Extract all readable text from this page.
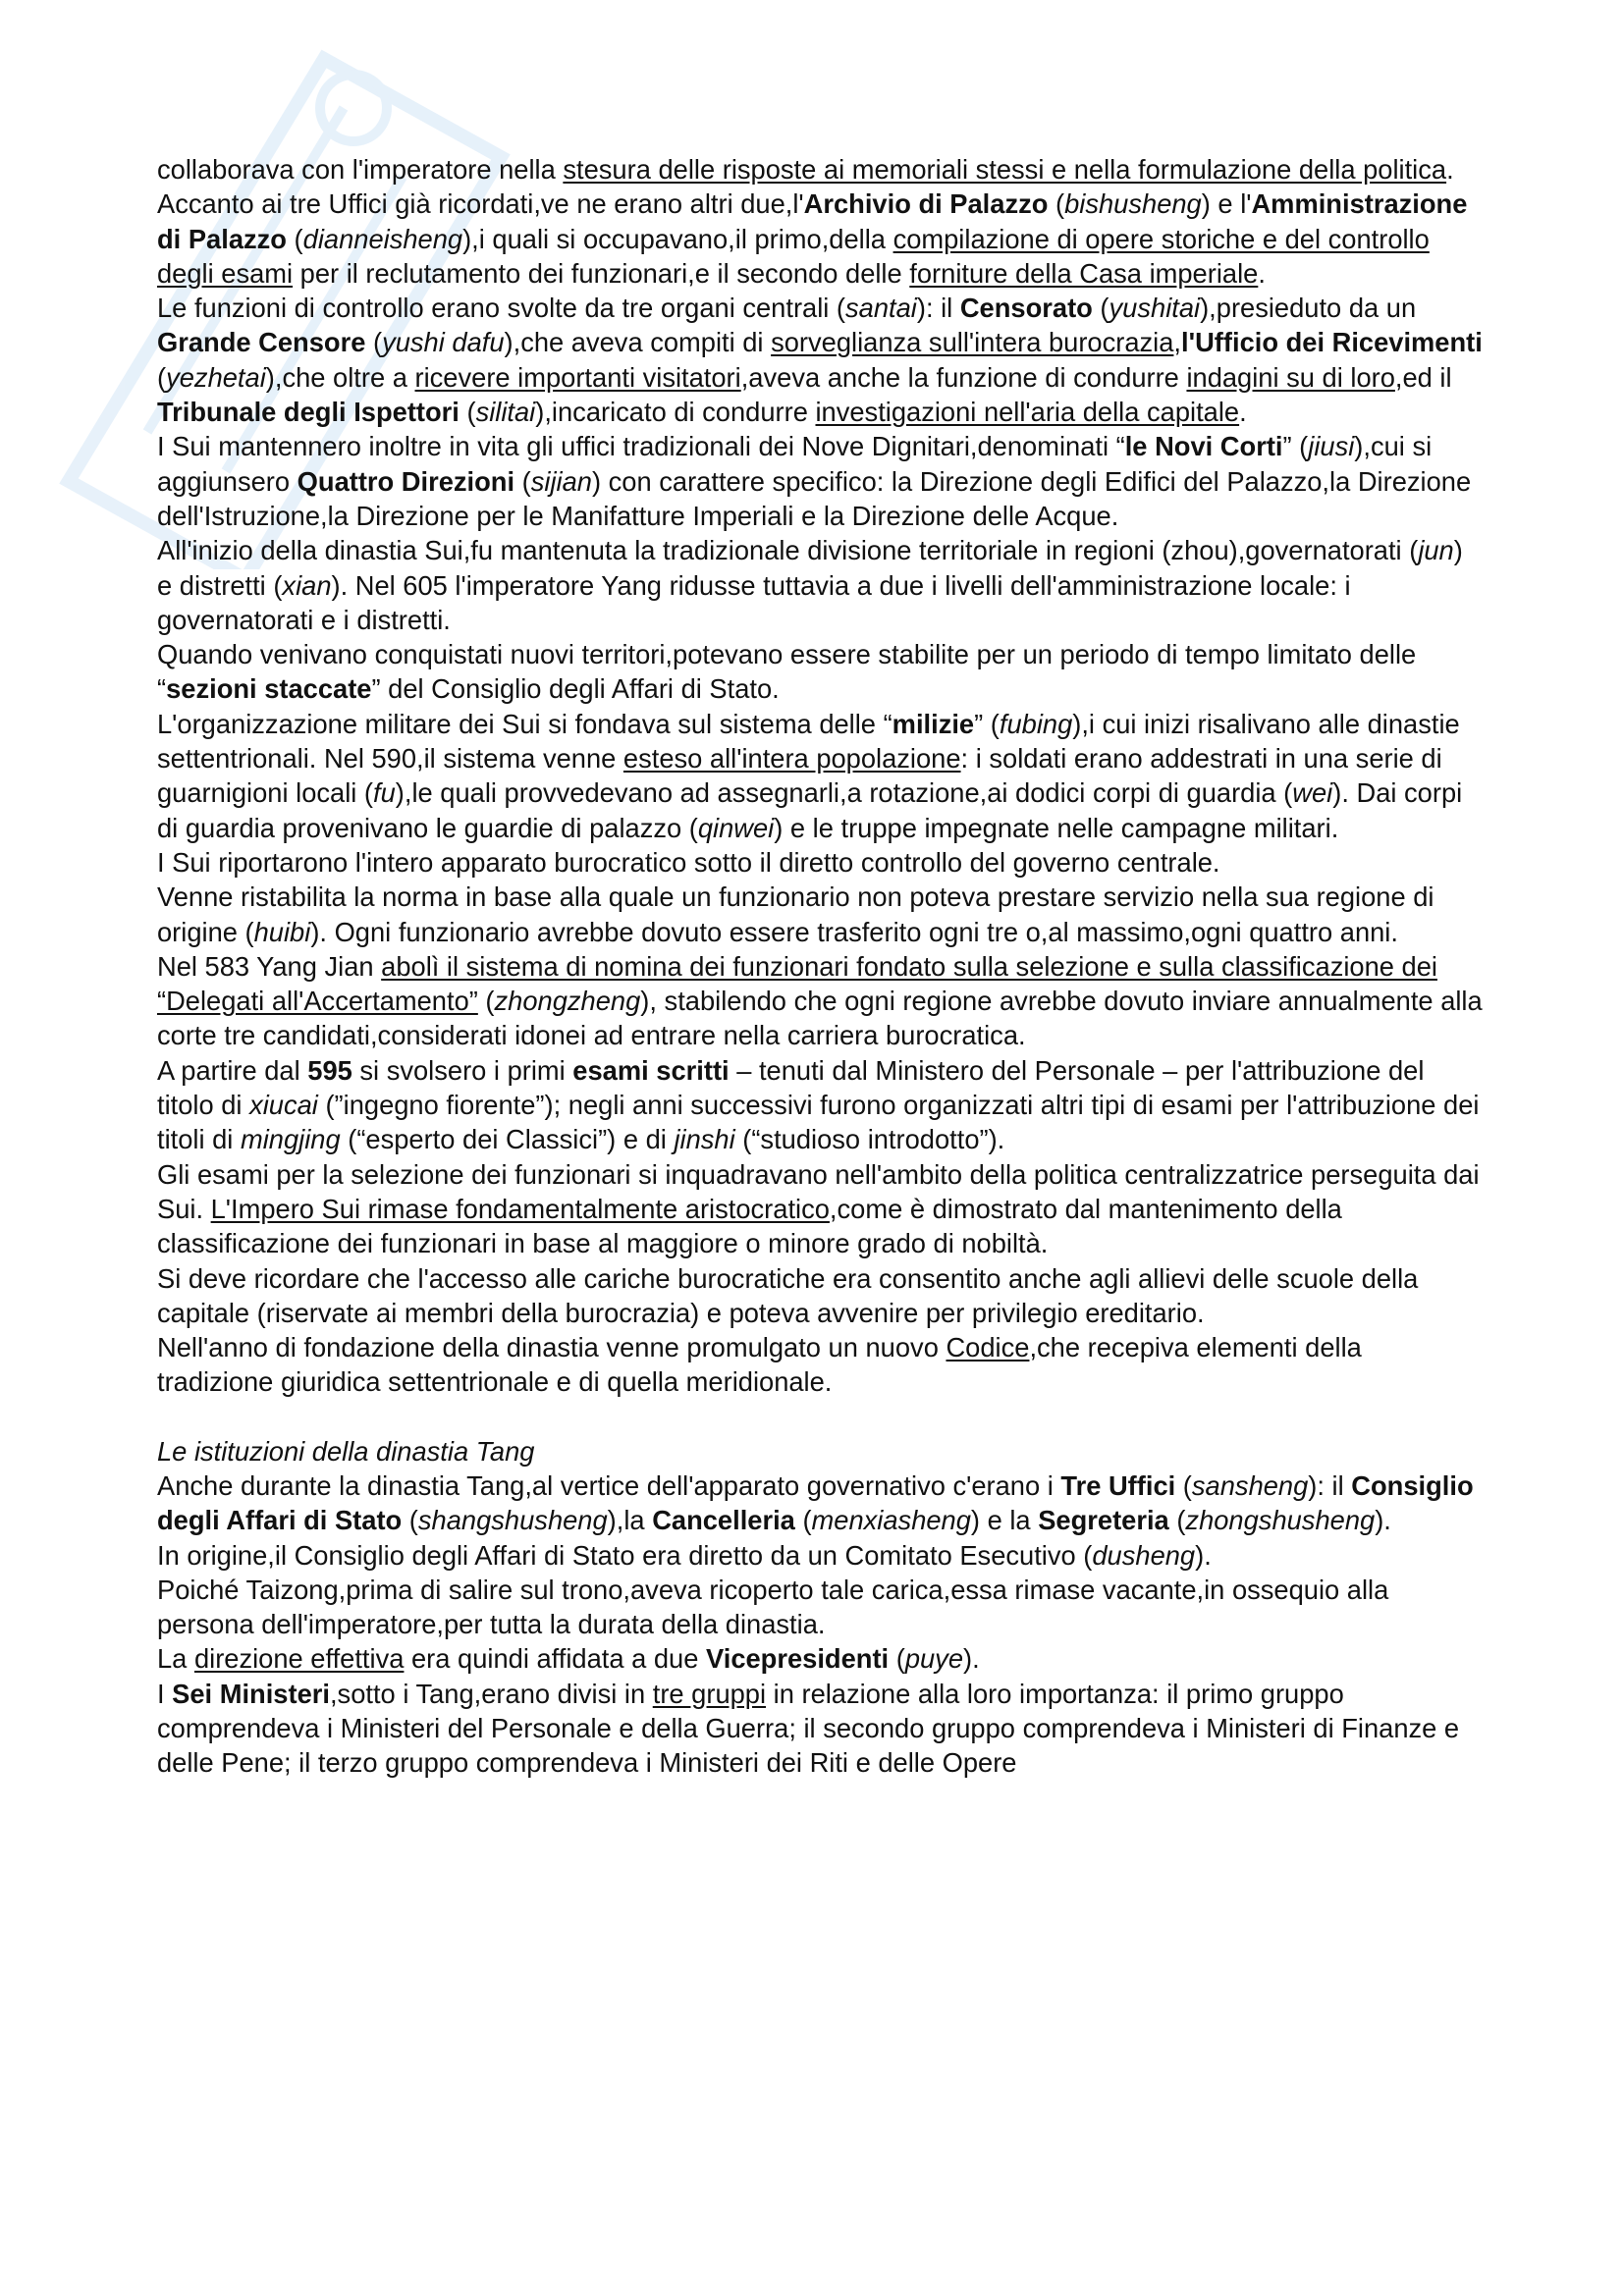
collaborava con l'imperatore nella stesura delle risposte ai memoriali stessi e nella formulazione della politica.

Accanto ai tre Uffici già ricordati,ve ne erano altri due,l'Archivio di Palazzo (bishusheng) e l'Amministrazione di Palazzo (dianneisheng),i quali si occupavano,il primo,della compilazione di opere storiche e del controllo degli esami per il reclutamento dei funzionari,e il secondo delle forniture della Casa imperiale.

Le funzioni di controllo erano svolte da tre organi centrali (santai): il Censorato (yushitai),presieduto da un Grande Censore (yushi dafu),che aveva compiti di sorveglianza sull'intera burocrazia,l'Ufficio dei Ricevimenti (yezhetai),che oltre a ricevere importanti visitatori,aveva anche la funzione di condurre indagini su di loro,ed il Tribunale degli Ispettori (silitai),incaricato di condurre investigazioni nell'aria della capitale.

I Sui mantennero inoltre in vita gli uffici tradizionali dei Nove Dignitari,denominati “le Novi Corti” (jiusi),cui si aggiunsero Quattro Direzioni (sijian) con carattere specifico: la Direzione degli Edifici del Palazzo,la Direzione dell'Istruzione,la Direzione per le Manifatture Imperiali e la Direzione delle Acque.

All'inizio della dinastia Sui,fu mantenuta la tradizionale divisione territoriale in regioni (zhou),governatorati (jun) e distretti (xian). Nel 605 l'imperatore Yang ridusse tuttavia a due i livelli dell'amministrazione locale: i governatorati e i distretti.

Quando venivano conquistati nuovi territori,potevano essere stabilite per un periodo di tempo limitato delle “sezioni staccate” del Consiglio degli Affari di Stato.

L'organizzazione militare dei Sui si fondava sul sistema delle “milizie” (fubing),i cui inizi risalivano alle dinastie settentrionali. Nel 590,il sistema venne esteso all'intera popolazione: i soldati erano addestrati in una serie di guarnigioni locali (fu),le quali provvedevano ad assegnarli,a rotazione,ai dodici corpi di guardia (wei). Dai corpi di guardia provenivano le guardie di palazzo (qinwei) e le truppe impegnate nelle campagne militari.

I Sui riportarono l'intero apparato burocratico sotto il diretto controllo del governo centrale.

Venne ristabilita la norma in base alla quale un funzionario non poteva prestare servizio nella sua regione di origine (huibi). Ogni funzionario avrebbe dovuto essere trasferito ogni tre o,al massimo,ogni quattro anni.

Nel 583 Yang Jian abolì il sistema di nomina dei funzionari fondato sulla selezione e sulla classificazione dei “Delegati all'Accertamento” (zhongzheng), stabilendo che ogni regione avrebbe dovuto inviare annualmente alla corte tre candidati,considerati idonei ad entrare nella carriera burocratica.

A partire dal 595 si svolsero i primi esami scritti – tenuti dal Ministero del Personale – per l'attribuzione del titolo di xiucai (”ingegno fiorente”); negli anni successivi furono organizzati altri tipi di esami per l'attribuzione dei titoli di mingjing (“esperto dei Classici”) e di jinshi (“studioso introdotto”).

Gli esami per la selezione dei funzionari si inquadravano nell'ambito della politica centralizzatrice perseguita dai Sui. L'Impero Sui rimase fondamentalmente aristocratico,come è dimostrato dal mantenimento della classificazione dei funzionari in base al maggiore o minore grado di nobiltà.

Si deve ricordare che l'accesso alle cariche burocratiche era consentito anche agli allievi delle scuole della capitale (riservate ai membri della burocrazia) e poteva avvenire per privilegio ereditario.

Nell'anno di fondazione della dinastia venne promulgato un nuovo Codice,che recepiva elementi della tradizione giuridica settentrionale e di quella meridionale.

Le istituzioni della dinastia Tang

Anche durante la dinastia Tang,al vertice dell'apparato governativo c'erano i Tre Uffici (sansheng): il Consiglio degli Affari di Stato (shangshusheng),la Cancelleria (menxiasheng) e la Segreteria (zhongshusheng).

In origine,il Consiglio degli Affari di Stato era diretto da un Comitato Esecutivo (dusheng).

Poiché Taizong,prima di salire sul trono,aveva ricoperto tale carica,essa rimase vacante,in ossequio alla persona dell'imperatore,per tutta la durata della dinastia.

La direzione effettiva era quindi affidata a due Vicepresidenti (puye).

I Sei Ministeri,sotto i Tang,erano divisi in tre gruppi in relazione alla loro importanza: il primo gruppo comprendeva i Ministeri del Personale e della Guerra; il secondo gruppo comprendeva i Ministeri di Finanze e delle Pene; il terzo gruppo comprendeva i Ministeri dei Riti e delle Opere
